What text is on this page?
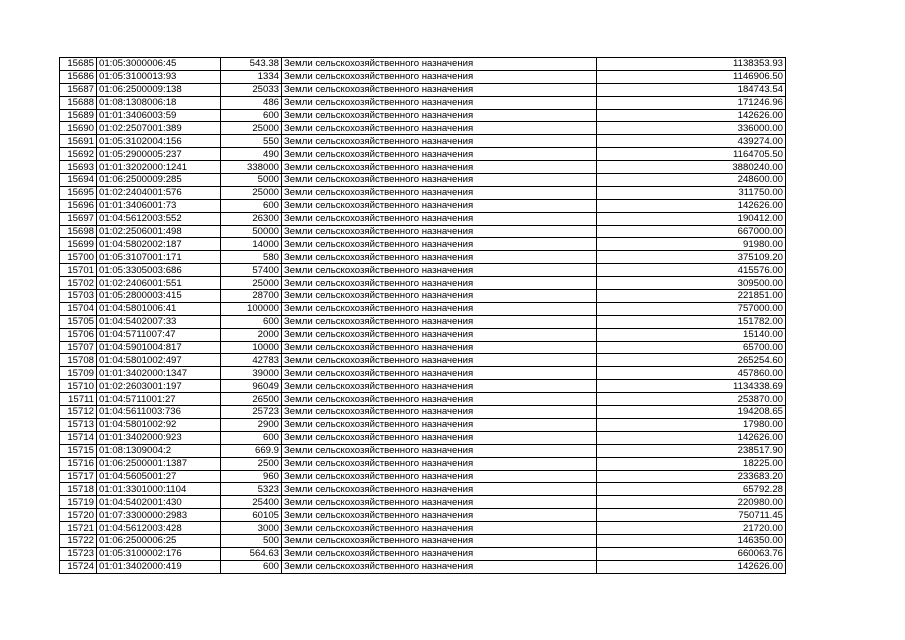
15685	01:05:3000006:45	543.38	Земли сельскохозяйственного назначения	1138353.93
15686	01:05:3100013:93	1334	Земли сельскохозяйственного назначения	1146906.50
15687	01:06:2500009:138	25033	Земли сельскохозяйственного назначения	184743.54
15688	01:08:1308006:18	486	Земли сельскохозяйственного назначения	171246.96
15689	01:01:3406003:59	600	Земли сельскохозяйственного назначения	142626.00
15690	01:02:2507001:389	25000	Земли сельскохозяйственного назначения	336000.00
15691	01:05:3102004:156	550	Земли сельскохозяйственного назначения	439274.00
15692	01:05:2900005:237	490	Земли сельскохозяйственного назначения	1164705.50
15693	01:01:3202000:1241	338000	Земли сельскохозяйственного назначения	3880240.00
15694	01:06:2500009:285	5000	Земли сельскохозяйственного назначения	248600.00
15695	01:02:2404001:576	25000	Земли сельскохозяйственного назначения	311750.00
15696	01:01:3406001:73	600	Земли сельскохозяйственного назначения	142626.00
15697	01:04:5612003:552	26300	Земли сельскохозяйственного назначения	190412.00
15698	01:02:2506001:498	50000	Земли сельскохозяйственного назначения	667000.00
15699	01:04:5802002:187	14000	Земли сельскохозяйственного назначения	91980.00
15700	01:05:3107001:171	580	Земли сельскохозяйственного назначения	375109.20
15701	01:05:3305003:686	57400	Земли сельскохозяйственного назначения	415576.00
15702	01:02:2406001:551	25000	Земли сельскохозяйственного назначения	309500.00
15703	01:05:2800003:415	28700	Земли сельскохозяйственного назначения	221851.00
15704	01:04:5801006:41	100000	Земли сельскохозяйственного назначения	757000.00
15705	01:04:5402007:33	600	Земли сельскохозяйственного назначения	151782.00
15706	01:04:5711007:47	2000	Земли сельскохозяйственного назначения	15140.00
15707	01:04:5901004:817	10000	Земли сельскохозяйственного назначения	65700.00
15708	01:04:5801002:497	42783	Земли сельскохозяйственного назначения	265254.60
15709	01:01:3402000:1347	39000	Земли сельскохозяйственного назначения	457860.00
15710	01:02:2603001:197	96049	Земли сельскохозяйственного назначения	1134338.69
15711	01:04:5711001:27	26500	Земли сельскохозяйственного назначения	253870.00
15712	01:04:5611003:736	25723	Земли сельскохозяйственного назначения	194208.65
15713	01:04:5801002:92	2900	Земли сельскохозяйственного назначения	17980.00
15714	01:01:3402000:923	600	Земли сельскохозяйственного назначения	142626.00
15715	01:08:1309004:2	669.9	Земли сельскохозяйственного назначения	238517.90
15716	01:06:2500001:1387	2500	Земли сельскохозяйственного назначения	18225.00
15717	01:04:5605001:27	960	Земли сельскохозяйственного назначения	233683.20
15718	01:01:3301000:1104	5323	Земли сельскохозяйственного назначения	65792.28
15719	01:04:5402001:430	25400	Земли сельскохозяйственного назначения	220980.00
15720	01:07:3300000:2983	60105	Земли сельскохозяйственного назначения	750711.45
15721	01:04:5612003:428	3000	Земли сельскохозяйственного назначения	21720.00
15722	01:06:2500006:25	500	Земли сельскохозяйственного назначения	146350.00
15723	01:05:3100002:176	564.63	Земли сельскохозяйственного назначения	660063.76
15724	01:01:3402000:419	600	Земли сельскохозяйственного назначения	142626.00
